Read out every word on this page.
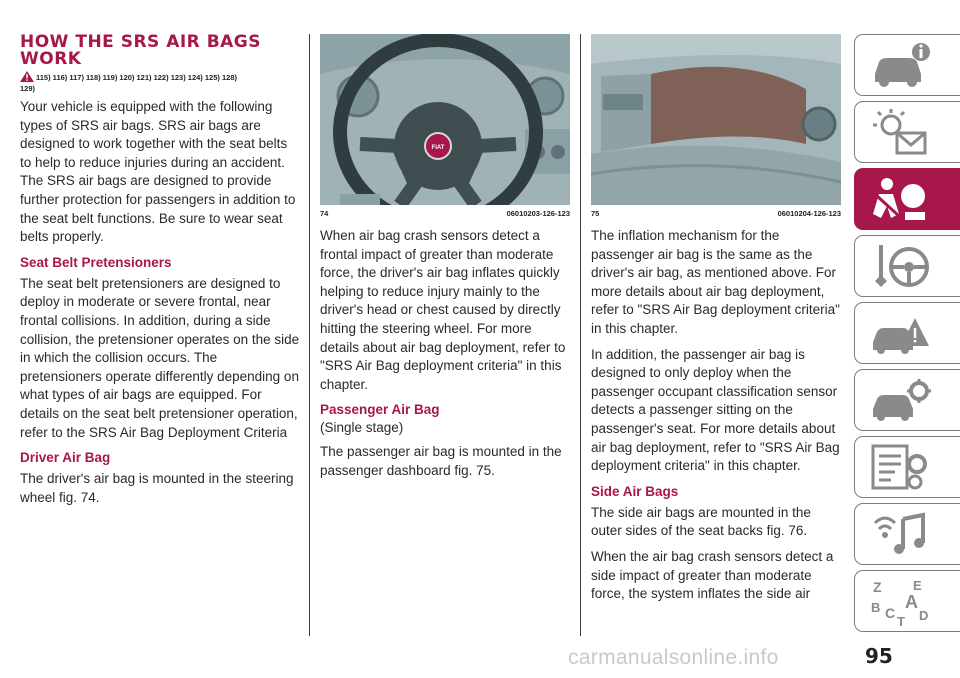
HOW THE SRS AIR BAGS
WORK
115) 116) 117) 118) 119) 120) 121) 122) 123) 124) 125) 128)
129)

Your vehicle is equipped with the following types of SRS air bags. SRS air bags are designed to work together with the seat belts to help to reduce injuries during an accident. The SRS air bags are designed to provide further protection for passengers in addition to the seat belt functions. Be sure to wear seat belts properly.

Seat Belt Pretensioners

The seat belt pretensioners are designed to deploy in moderate or severe frontal, near frontal collisions. In addition, during a side collision, the pretensioner operates on the side in which the collision occurs. The pretensioners operate differently depending on what types of air bags are equipped. For details on the seat belt pretensioner operation, refer to the SRS Air Bag Deployment Criteria

Driver Air Bag

The driver's air bag is mounted in the steering wheel fig. 74.

FIAT
74	06010203-126-123

When air bag crash sensors detect a frontal impact of greater than moderate force, the driver's air bag inflates quickly helping to reduce injury mainly to the driver's head or chest caused by directly hitting the steering wheel. For more details about air bag deployment, refer to "SRS Air Bag deployment criteria" in this chapter.

Passenger Air Bag

(Single stage)

The passenger air bag is mounted in the passenger dashboard fig. 75.

75	06010204-126-123

The inflation mechanism for the passenger air bag is the same as the driver's air bag, as mentioned above. For more details about air bag deployment, refer to "SRS Air Bag deployment criteria" in this chapter.

In addition, the passenger air bag is designed to only deploy when the passenger occupant classification sensor detects a passenger sitting on the passenger's seat. For more details about air bag deployment, refer to "SRS Air Bag deployment criteria" in this chapter.

Side Air Bags

The side air bags are mounted in the outer sides of the seat backs fig. 76.

When the air bag crash sensors detect a side impact of greater than moderate force, the system inflates the side air	Z E
B A
C D
T
carmanualsonline.info	95
